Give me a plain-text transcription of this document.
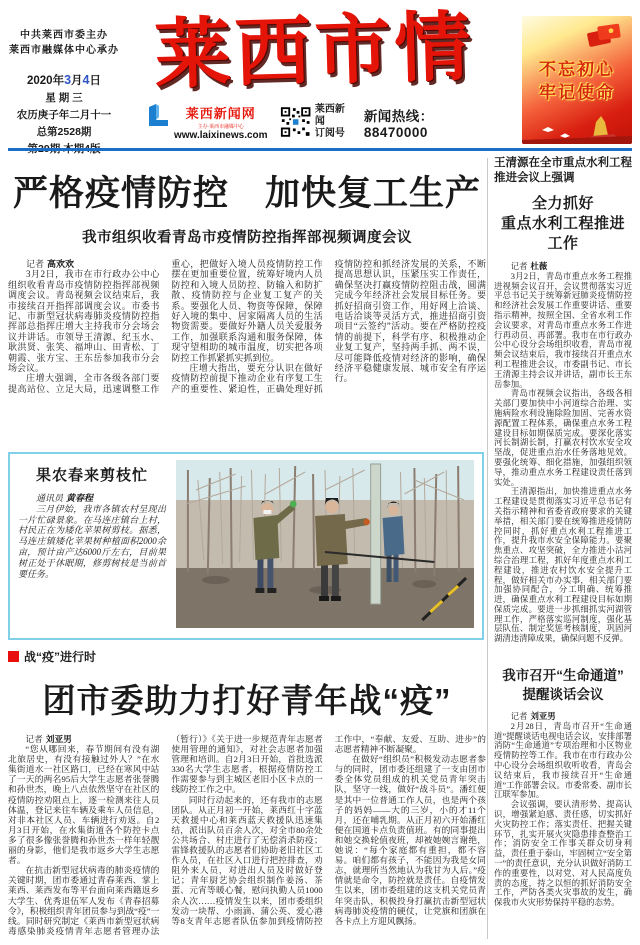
中共莱西市委主办
莱西市融媒体中心承办
2020年3月4日
星 期 三
农历庚子年二月十一
总第2528期
莱西市情
莱西新闻网
主办·莱西市融媒中心
www.laixinews.com
莱西新闻
订阅号
新闻热线：88470000
不忘初心
牢记使命
严格疫情防控　加快复工生产
我市组织收看青岛市疫情防控指挥部视频调度会议

记者 高欢欢

3月2日，我市在市行政办公中心组织收看青岛市疫情防控指挥部视频调度会议。青岛视频会议结束后，我市接续召开指挥部调度会议。市委书记、市新型冠状病毒肺炎疫情防控指挥部总指挥庄增大主持我市分会场会议并讲话。市领导王清源、纪玉水、耿洪贤、张笑、福坤山、田青松、丁朝霞、张方宝、王东岳参加我市分会场会议。

庄增大强调，全市各级各部门要提高站位、立足大局，迅速调整工作重心，把做好入境人员疫情防控工作摆在更加重要位置，统筹好境内人员防控和入境人员防控、防输入和防扩散、疫情防控与企业复工复产的关系。要强化人员、物资等保障，保障好入境的集中、居家隔离人员的生活物资需要。要做好外籍人员关爱服务工作，加强联系沟通和服务保障，体现守望相助的城市温度，切实把各项防控工作抓紧抓实抓到位。

庄增大指出，要充分认识在做好疫情防控前提下推动企业有序复工生产的重要性、紧迫性，正确处理好抓疫情防控和抓经济发展的关系，不断提高思想认识，压紧压实工作责任，确保坚决打赢疫情防控阻击战，圆满完成今年经济社会发展目标任务。要抓好招商引资工作，用好网上洽谈、电话洽谈等灵活方式，推进招商引资项目“云签约”活动。要在严格防控疫情的前提下，科学有序、积极推动企业复工复产，坚持两手抓、两不误，尽可能降低疫情对经济的影响，确保经济平稳健康发展、城市安全有序运行。

果农春来剪枝忙

通讯员 黄春程

三月伊始，我市各镇农村呈现出一片忙碌景象。在马连庄镇台上村，村民正在为矮化苹果树剪枝。据悉，马连庄镇矮化苹果树种植面积2000余亩，预计亩产达6000斤左右，目前果树正处于休眠期，修剪树枝是当前首要任务。

战“疫”进行时
团市委助力打好青年战“疫”

记者 刘亚男

“您从哪回来，春节期间有没有湖北旅居史，有没有接触过外人？”在水集街道水一社区路口，已经在寒风中站了一天的两名95后大学生志愿者张誉腾和孙世杰，晚上八点依然坚守在社区的疫情防控劝阻点上，逐一检测来往人员体温，登记来往车辆及乘车人员信息，对非本社区人员、车辆进行劝返。自2月3日开始，在水集街道各个防控卡点多了很多像张誉腾和孙世杰一样年轻靓丽的身影，他们是我市返乡大学生志愿者。

在抗击新型冠状病毒的肺炎疫情的关键时期，团市委通过青春莱西、掌上莱西、莱西发布等平台面向莱西籍返乡大学生、优秀退伍军人发布《青春招募令》，积极组织青年团员参与到战“疫”一线。同时研究制定《莱西市新型冠状病毒感染肺炎疫情青年志愿者管理办法（暂行）》《关于进一步规范青年志愿者使用管理的通知》，对社会志愿者加强管理和培训。自2月3日开始，首批选派330名大学生志愿者，根据疫情防控工作需要参与到主城区老旧小区卡点的一线防控工作之中。

同时行动起来的，还有我市的志愿团队。从正月初一开始，莱西红十字蓝天救援中心和莱西蓝天救援队迅速集结，派出队员百余人次，对全市80余处公共场合、村庄进行了无偿消杀防疫；雷锋救援队的志愿者们协助老旧社区工作人员，在社区入口进行把控排查，劝阻外来人员，对进出人员及时做好登记；青年厨艺协会组织制作姜汤、茶蛋、元宵等暖心餐，慰问执勤人员1000余人次……疫情发生以来，团市委组织发动一块帮、小雨滴、蒲公英、爱心港等8支青年志愿者队伍参加到疫情防控工作中，“奉献、友爱、互助、进步”的志愿者精神不断凝聚。

在做好“组织员”积极发动志愿者参与的同时，团市委还组建了一支由团市委全体党员组成的机关党员青年突击队，坚守一线，做好“战斗员”。潘红便是其中一位普通工作人员，也是两个孩子的妈妈——大的三岁，小的才11个月，还在哺乳期。从正月初六开始潘红便在国道卡点负责值班。有的同事提出和她交换轮值夜班，却被她婉言谢绝，她说：“每个家庭都有重担，都不容易。咱们都有孩子，不能因为我是女同志，就理所当然地认为我甘为人后。”疫情就是命令，防控就是责任。自疫情发生以来，团市委组建的这支机关党员青年突击队，积极投身打赢抗击新型冠状病毒肺炎疫情的硬仗，让党旗和团旗在各卡点上方迎风飘扬。

王清源在全市重点水利工程推进会议上强调
全力抓好
重点水利工程推进工作

记者 杜薇

3月2日，青岛市重点水务工程推进视频会议召开，会议贯彻落实习近平总书记关于统筹新冠肺炎疫情防控和经济社会发展工作重要讲话、重要指示精神，按照全国、全省水利工作会议要求，对青岛市重点水务工作进行再动员、再部署。我市在市行政办公中心设分会场组织收看，青岛市视频会议结束后，我市接续召开重点水利工程推进会议，市委副书记、市长王清源主持会议并讲话，副市长王东岳参加。

青岛市视频会议指出，各级各相关部门要加快中小河道综合治理、实施病险水利设施除险加固、完善水资源配置工程体系，确保重点水务工程建设目标如期保质完成。要深化落实河长制湖长制，打赢农村饮水安全攻坚战，促进重点治水任务落地见效。要强化统筹、细化措施，加强组织领导，推动重点水务工程建设责任落到实处。

王清源指出，加快推进重点水务工程建设是贯彻落实习近平总书记有关指示精神和省委省政府要求的关键举措，相关部门要在统筹推进疫情防控同时，抓好重点水利工程推进工作，提升我市水安全保障能力。要聚焦重点、攻坚突破，全力推进小沽河综合治理工程，抓好年度重点水利工程建设，推进农村饮水安全提升工程，做好相关市办实事，相关部门要加强协同配合，分工明确、统筹推进，确保重点水利工程建设目标如期保质完成。要进一步抓细抓实河湖管理工作，严格落实巡河制度，强化基层队伍、制定奖惩考核制度，巩固河湖清违清障成果，确保问题不反弹。

我市召开“生命通道”
提醒谈话会议

记者 刘亚男

2月28日，青岛市召开“生命通道”提醒谈话电视电话会议，安排部署消防“生命通道”专项治理和小区物业疫情防控等工作。我市在市行政办公中心设分会场组织收听收看，青岛会议结束后，我市接续召开“生命通道”工作部署会议。市委常委、副市长江联军参加。

会议强调，要认清形势、提高认识，增强紧迫感、责任感，切实抓好火灾防控工作；落实责任、把握关键环节，扎实开展火灾隐患排查整治工作；消防安全工作事关群众切身利益，责任重于泰山，牢固树立“安全第一”的责任意识，充分认识做好消防工作的重要性，以对党、对人民高度负责的态度，持之以恒的抓好消防安全工作，严防各类火灾事故的发生，确保我市火灾形势保持平稳的态势。
